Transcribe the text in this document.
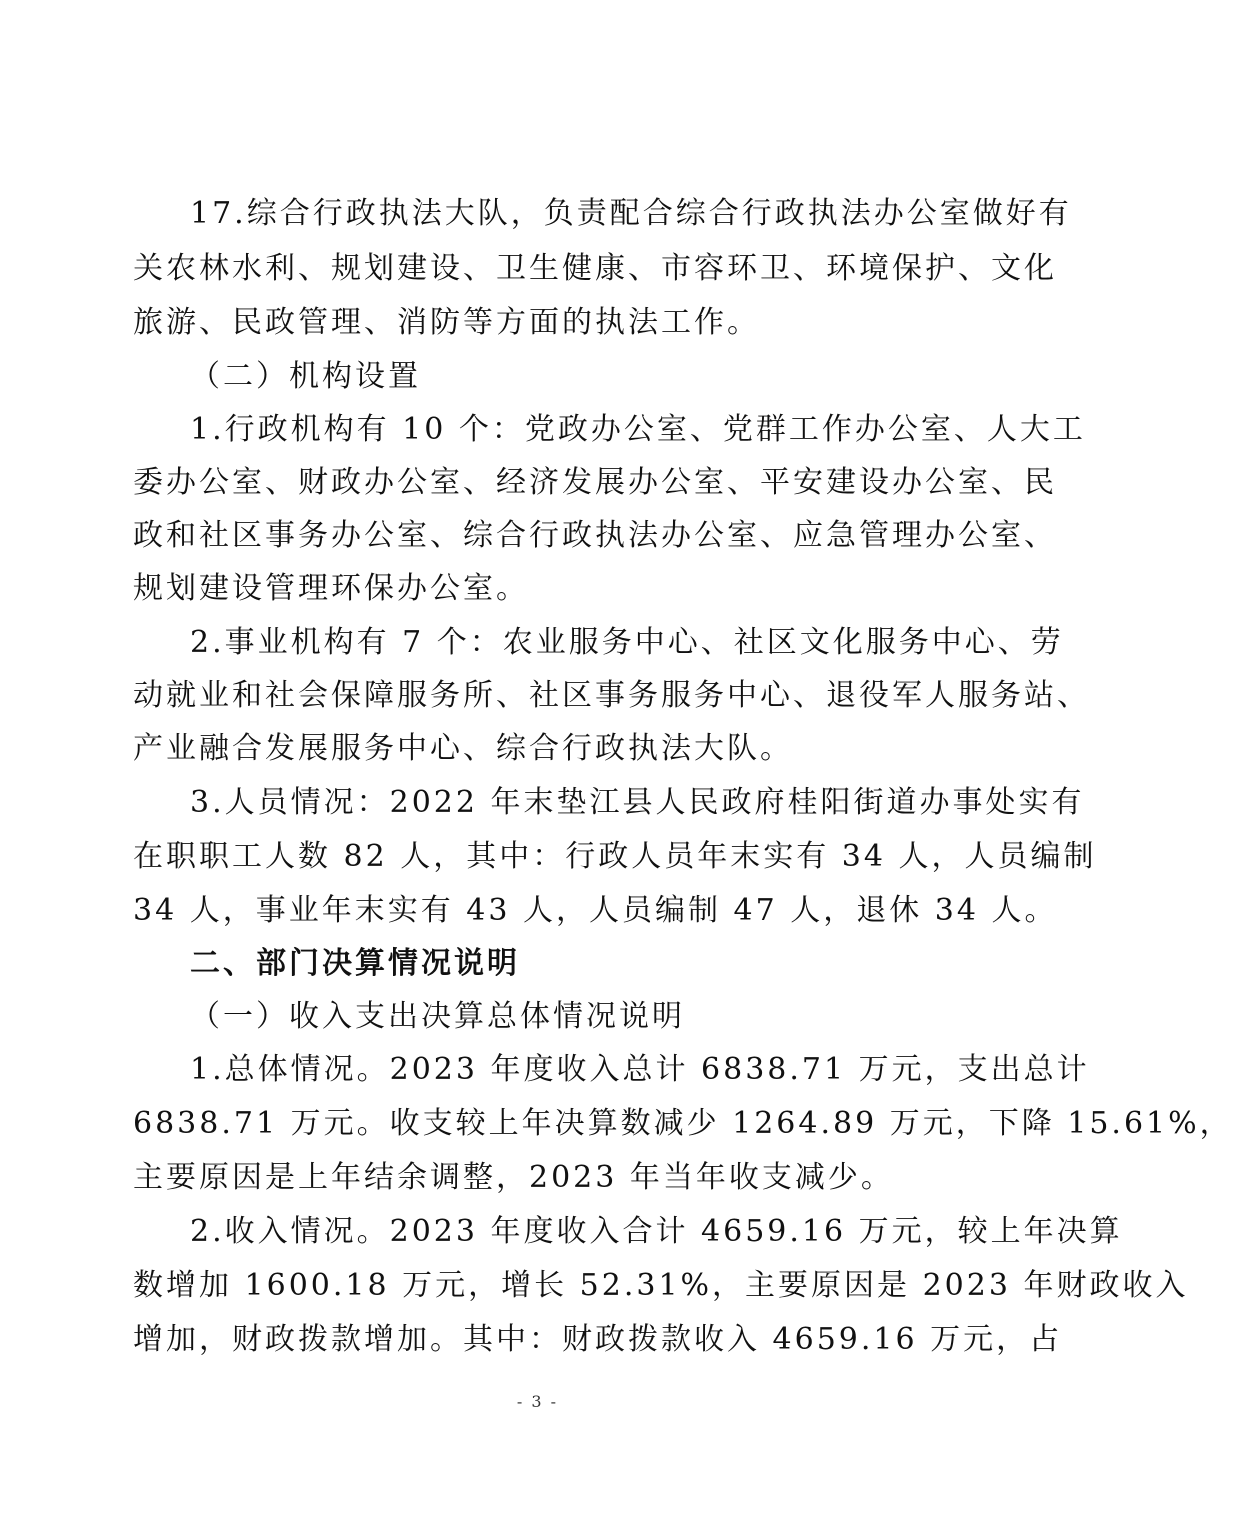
17.综合行政执法大队，负责配合综合行政执法办公室做好有
关农林水利、规划建设、卫生健康、市容环卫、环境保护、文化
旅游、民政管理、消防等方面的执法工作。
（二）机构设置
1.行政机构有 10 个：党政办公室、党群工作办公室、人大工
委办公室、财政办公室、经济发展办公室、平安建设办公室、民
政和社区事务办公室、综合行政执法办公室、应急管理办公室、
规划建设管理环保办公室。
2.事业机构有 7 个：农业服务中心、社区文化服务中心、劳
动就业和社会保障服务所、社区事务服务中心、退役军人服务站、
产业融合发展服务中心、综合行政执法大队。
3.人员情况：2022 年末垫江县人民政府桂阳街道办事处实有
在职职工人数 82 人，其中：行政人员年末实有 34 人，人员编制
34 人，事业年末实有 43 人，人员编制 47 人，退休 34 人。
二、部门决算情况说明
（一）收入支出决算总体情况说明
1.总体情况。2023 年度收入总计 6838.71 万元，支出总计
6838.71 万元。收支较上年决算数减少 1264.89 万元，下降 15.61%，
主要原因是上年结余调整，2023 年当年收支减少。
2.收入情况。2023 年度收入合计 4659.16 万元，较上年决算
数增加 1600.18 万元，增长 52.31%，主要原因是 2023 年财政收入
增加，财政拨款增加。其中：财政拨款收入 4659.16 万元，占
- 3 -
